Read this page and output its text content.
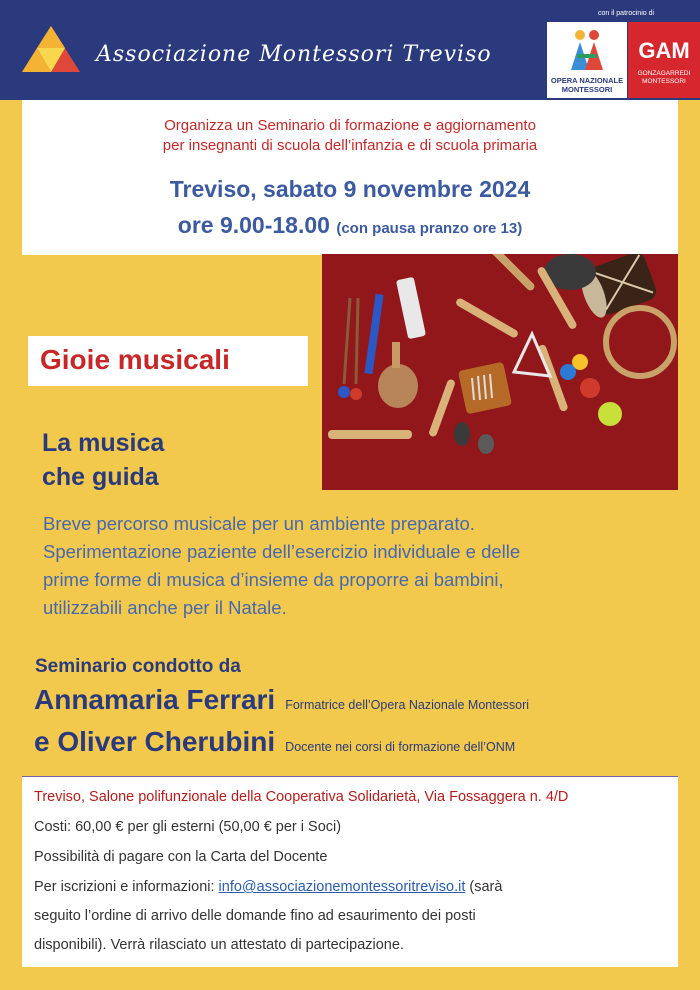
Associazione Montessori Treviso
con il patrocinio di
OPERA NAZIONALE
MONTESSORI
GAM
GONZAGARREDI
MONTESSORI
Organizza un Seminario di formazione e aggiornamento
per insegnanti di scuola dell’infanzia e di scuola primaria
Treviso, sabato 9 novembre 2024
ore 9.00-18.00 (con pausa pranzo ore 13)
Gioie musicali
La musica
che guida
Breve percorso musicale per un ambiente preparato.
Sperimentazione paziente dell’esercizio individuale e delle
prime forme di musica d’insieme da proporre ai bambini,
utilizzabili anche per il Natale.
Seminario condotto da
Annamaria Ferrari Formatrice dell’Opera Nazionale Montessori
e Oliver Cherubini Docente nei corsi di formazione dell’ONM
Treviso, Salone polifunzionale della Cooperativa Solidarietà, Via Fossaggera n. 4/D
Costi: 60,00 € per gli esterni (50,00 € per i Soci)
Possibilità di pagare con la Carta del Docente
Per iscrizioni e informazioni: info@associazionemontessoritreviso.it (sarà
seguito l’ordine di arrivo delle domande fino ad esaurimento dei posti
disponibili). Verrà rilasciato un attestato di partecipazione.
